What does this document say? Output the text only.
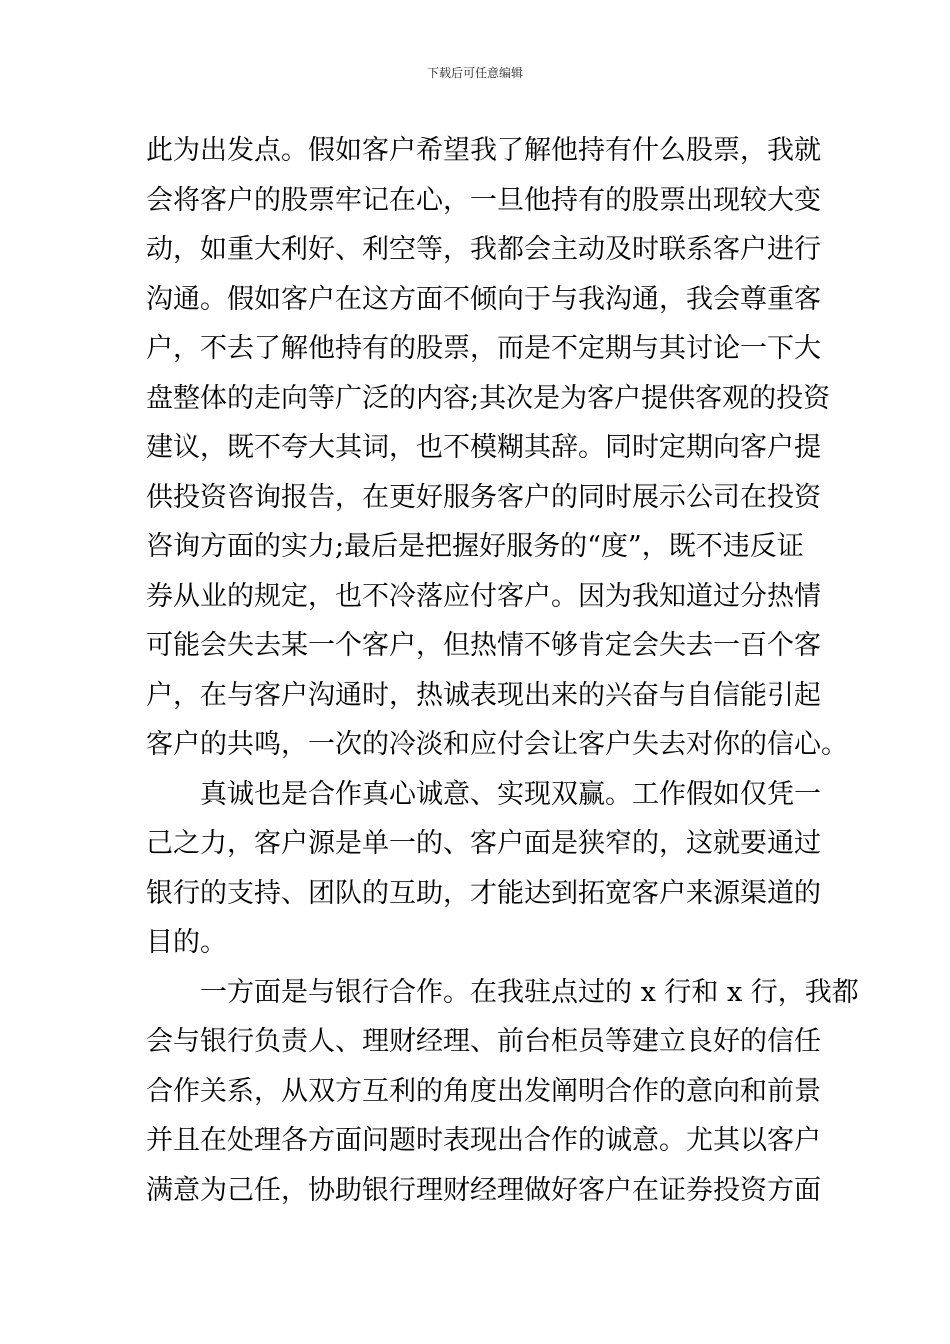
下载后可任意编辑
此为出发点。假如客户希望我了解他持有什么股票，我就
会将客户的股票牢记在心，一旦他持有的股票出现较大变
动，如重大利好、利空等，我都会主动及时联系客户进行
沟通。假如客户在这方面不倾向于与我沟通，我会尊重客
户，不去了解他持有的股票，而是不定期与其讨论一下大
盘整体的走向等广泛的内容;其次是为客户提供客观的投资
建议，既不夸大其词，也不模糊其辞。同时定期向客户提
供投资咨询报告，在更好服务客户的同时展示公司在投资
咨询方面的实力;最后是把握好服务的“度”，既不违反证
券从业的规定，也不冷落应付客户。因为我知道过分热情
可能会失去某一个客户，但热情不够肯定会失去一百个客
户，在与客户沟通时，热诚表现出来的兴奋与自信能引起
客户的共鸣，一次的冷淡和应付会让客户失去对你的信心。
真诚也是合作真心诚意、实现双赢。工作假如仅凭一
己之力，客户源是单一的、客户面是狭窄的，这就要通过
银行的支持、团队的互助，才能达到拓宽客户来源渠道的
目的。
一方面是与银行合作。在我驻点过的 x 行和 x 行，我都
会与银行负责人、理财经理、前台柜员等建立良好的信任
合作关系，从双方互利的角度出发阐明合作的意向和前景
并且在处理各方面问题时表现出合作的诚意。尤其以客户
满意为己任，协助银行理财经理做好客户在证券投资方面
